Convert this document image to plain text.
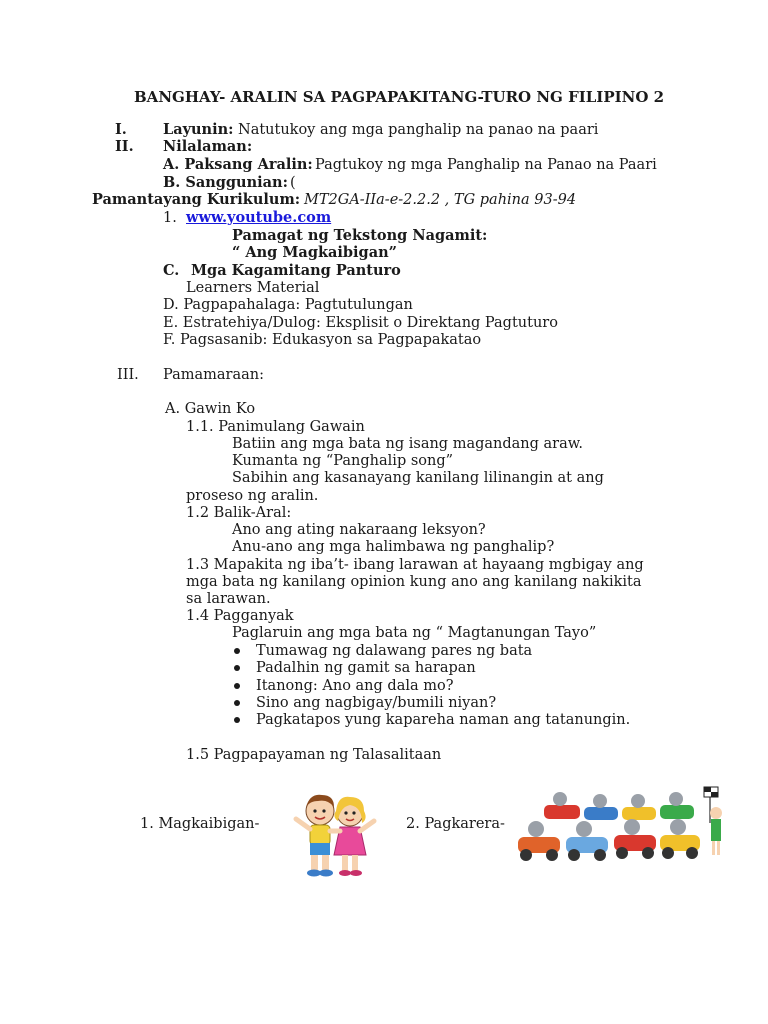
BANGHAY- ARALIN SA PAGPAPAKITANG-TURO NG FILIPINO 2
I. Layunin: Natutukoy ang mga panghalip na panao na paari
II. Nilalaman:
A. Paksang Aralin: Pagtukoy ng mga Panghalip na Panao na Paari
B. Sanggunian: (
Pamantayang Kurikulum: MT2GA-IIa-e-2.2.2 , TG pahina 93-94
1. www.youtube.com
Pamagat ng Tekstong Nagamit:
“ Ang Magkaibigan”
C. Mga Kagamitang Panturo
Learners Material
D. Pagpapahalaga: Pagtutulungan
E. Estratehiya/Dulog: Eksplisit o Direktang Pagtuturo
F. Pagsasanib: Edukasyon sa Pagpapakatao
III. Pamamaraan:
A. Gawin Ko
1.1. Panimulang Gawain
Batiin ang mga bata ng isang magandang araw.
Kumanta ng “Panghalip song”
Sabihin ang kasanayang kanilang lilinangin at ang
proseso ng aralin.
1.2 Balik-Aral:
Ano ang ating nakaraang leksyon?
Anu-ano ang mga halimbawa ng panghalip?
1.3 Mapakita ng iba’t- ibang larawan at hayaang mgbigay ang
mga bata ng kanilang opinion kung ano ang kanilang nakikita
sa larawan.
1.4 Pagganyak
Paglaruin ang mga bata ng “ Magtanungan Tayo”
Tumawag ng dalawang pares ng bata
Padalhin ng gamit sa harapan
Itanong: Ano ang dala mo?
Sino ang nagbigay/bumili niyan?
Pagkatapos yung kapareha naman ang tatanungin.
1.5 Pagpapayaman ng Talasalitaan
1. Magkaibigan-	2. Pagkarera-
